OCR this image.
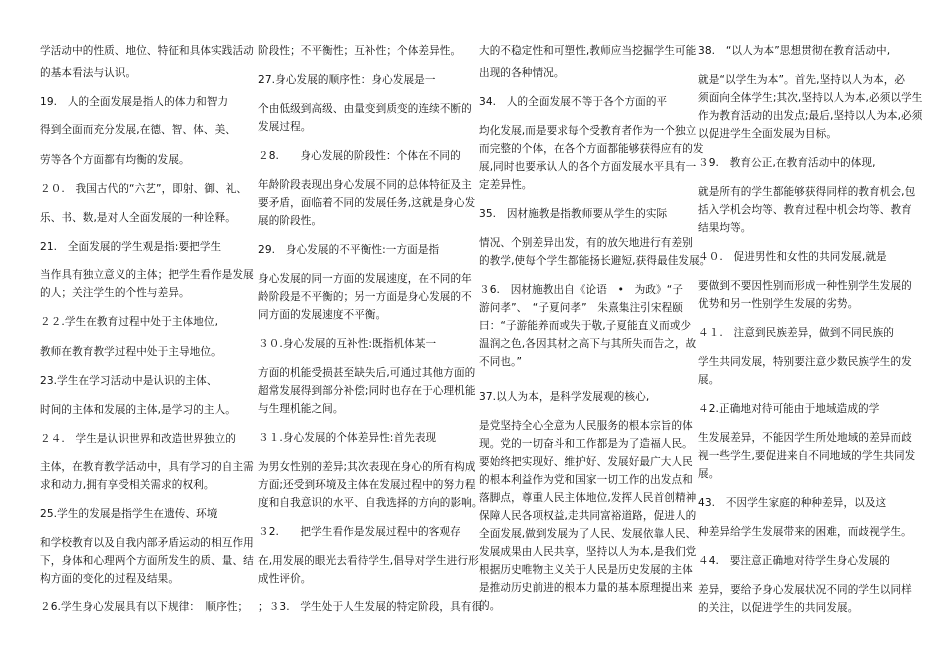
学活动中的性质、地位、特征和具体实践活动
的基本看法与认识。
19.　人的全面发展是指人的体力和智力
得到全面而充分发展,在德、智、体、美、
劳等各个方面都有均衡的发展。
２０.　我国古代的“六艺”，即射、御、礼、
乐、书、数,是对人全面发展的一种诠释。
21.　全面发展的学生观是指:要把学生
当作具有独立意义的主体；把学生看作是发展
的人；关注学生的个性与差异。
２２.学生在教育过程中处于主体地位,
教师在教育教学过程中处于主导地位。
23.学生在学习活动中是认识的主体、
时间的主体和发展的主体,是学习的主人。
２４.　学生是认识世界和改造世界独立的
主体，在教育教学活动中，具有学习的自主需
求和动力,拥有享受相关需求的权利。
25.学生的发展是指学生在遗传、环境
和学校教育以及自我内部矛盾运动的相互作用
下，身体和心理两个方面所发生的质、量、结
构方面的变化的过程及结果。
２6.学生身心发展具有以下规律：　顺序性；
阶段性；不平衡性；互补性；个体差异性。
27.身心发展的顺序性：身心发展是一
个由低级到高级、由量变到质变的连续不断的
发展过程。
２8.　　身心发展的阶段性：个体在不同的
年龄阶段表现出身心发展不同的总体特征及主
要矛盾，面临着不同的发展任务,这就是身心发
展的阶段性。
29.　身心发展的不平衡性:一方面是指
身心发展的同一方面的发展速度，在不同的年
龄阶段是不平衡的；另一方面是身心发展的不
同方面的发展速度不平衡。
３０.身心发展的互补性:既指机体某一
方面的机能受损甚至缺失后,可通过其他方面的
超常发展得到部分补偿;同时也存在于心理机能
与生理机能之间。
３１.身心发展的个体差异性:首先表现
为男女性别的差异;其次表现在身心的所有构成
方面;还受到环境及主体在发展过程中的努力程
度和自我意识的水平、自我选择的方向的影响。
３2.　　把学生看作是发展过程中的客观存
在,用发展的眼光去看待学生,倡导对学生进行形
成性评价。
；３3.　学生处于人生发展的特定阶段，具有很
大的不稳定性和可塑性,教师应当挖掘学生可能
出现的各种情况。
34.　人的全面发展不等于各个方面的平
均化发展,而是要求每个受教育者作为一个独立
而完整的个体，在各个方面都能够获得应有的发
展,同时也要承认人的各个方面发展水平具有一
定差异性。
35.　因材施教是指教师要从学生的实际
情况、个别差异出发，有的放矢地进行有差别
的教学,使每个学生都能扬长避短,获得最佳发展。
３6.　因材施教出自《论语　•　为政》“子
游问孝”、　“子夏问孝”　朱熹集注引宋程颐
曰：“子游能养而或失于敬,子夏能直义而或少
温润之色,各因其材之高下与其所失而告之，故
不同也。”
37.以人为本，是科学发展观的核心,
是党坚持全心全意为人民服务的根本宗旨的体
现。党的一切奋斗和工作都是为了造福人民。
要始终把实现好、维护好、发展好最广大人民
的根本利益作为党和国家一切工作的出发点和
落脚点，尊重人民主体地位,发挥人民首创精神
保障人民各项权益,走共同富裕道路，促进人的
全面发展,做到发展为了人民、发展依靠人民、
发展成果由人民共享，坚持以人为本,是我们党
根据历史唯物主义关于人民是历史发展的主体
是推动历史前进的根本力量的基本原理提出来
的。
38.　“以人为本”思想贯彻在教育活动中,
就是“以学生为本”。首先,坚持以人为本，必
须面向全体学生;其次,坚持以人为本,必须以学生
作为教育活动的出发点;最后,坚持以人为本,必须
以促进学生全面发展为目标。
３9.　教育公正,在教育活动中的体现,
就是所有的学生都能够获得同样的教育机会,包
括入学机会均等、教育过程中机会均等、教育
结果均等。
４０.　促进男性和女性的共同发展,就是
要做到不要因性别而形成一种性别学生发展的
优势和另一性别学生发展的劣势。
４１.　注意到民族差异，做到不同民族的
学生共同发展，特别要注意少数民族学生的发
展。
４2.正确地对待可能由于地域造成的学
生发展差异，不能因学生所处地域的差异而歧
视一些学生,要促进来自不同地域的学生共同发
展。
43.　不因学生家庭的种种差异，以及这
种差异给学生发展带来的困难，而歧视学生。
４4.　要注意正确地对待学生身心发展的
差异，要给予身心发展状况不同的学生以同样
的关注，以促进学生的共同发展。
